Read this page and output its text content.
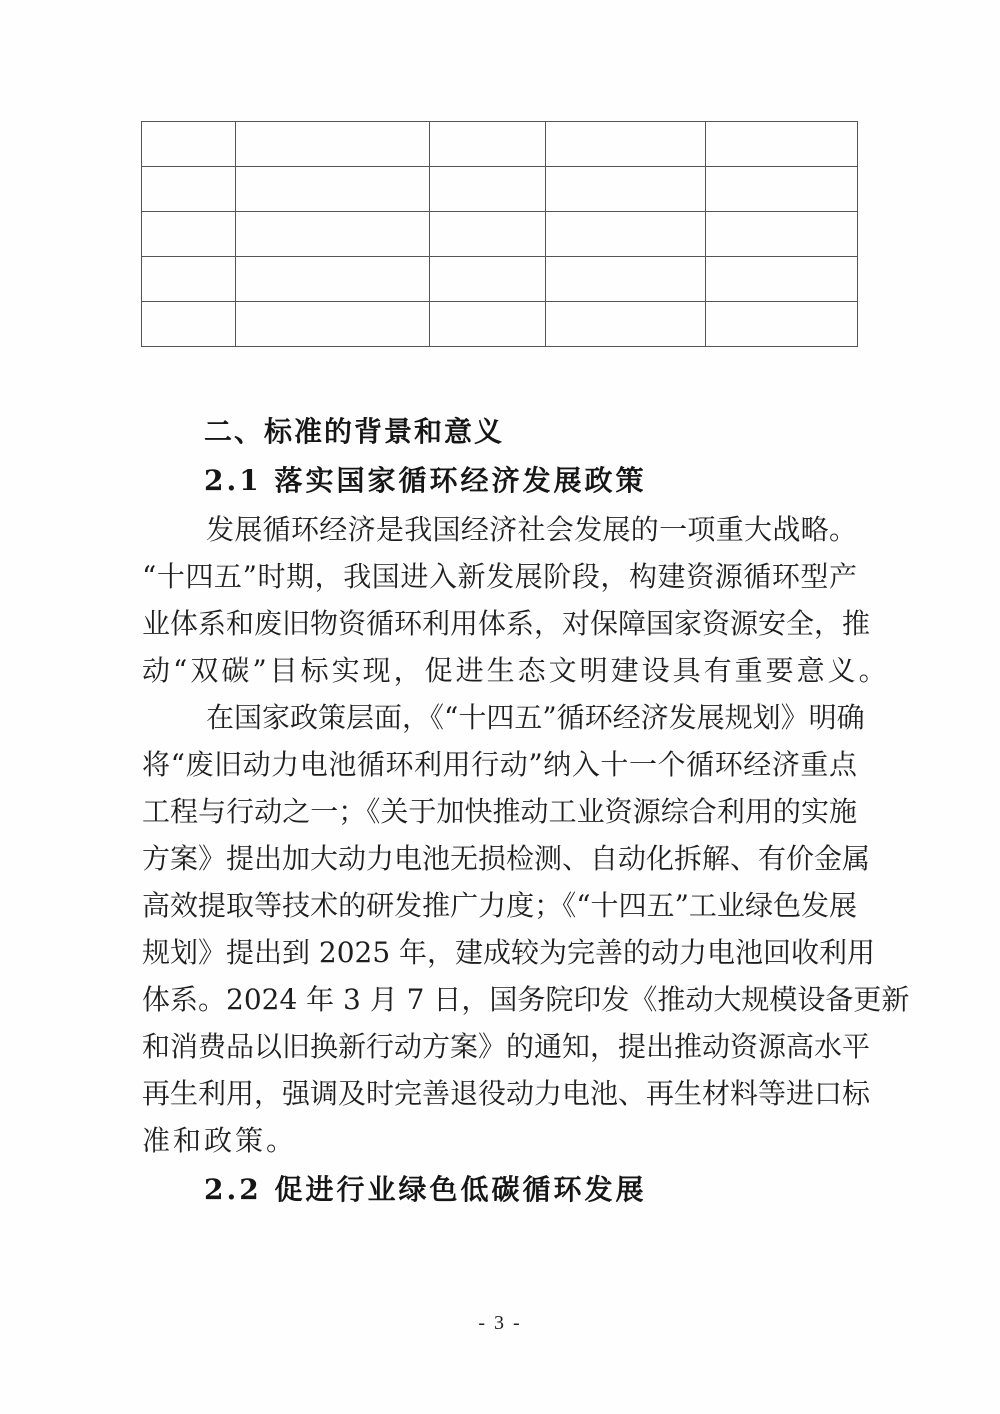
二、标准的背景和意义
2.1 落实国家循环经济发展政策
发展循环经济是我国经济社会发展的一项重大战略。
“十四五”时期，我国进入新发展阶段，构建资源循环型产
业体系和废旧物资循环利用体系，对保障国家资源安全，推
动“双碳”目标实现，促进生态文明建设具有重要意义。
在国家政策层面，《“十四五”循环经济发展规划》明确
将“废旧动力电池循环利用行动”纳入十一个循环经济重点
工程与行动之一；《关于加快推动工业资源综合利用的实施
方案》提出加大动力电池无损检测、自动化拆解、有价金属
高效提取等技术的研发推广力度；《“十四五”工业绿色发展
规划》提出到 2025 年，建成较为完善的动力电池回收利用
体系。2024 年 3 月 7 日，国务院印发《推动大规模设备更新
和消费品以旧换新行动方案》的通知，提出推动资源高水平
再生利用，强调及时完善退役动力电池、再生材料等进口标
准和政策。
2.2 促进行业绿色低碳循环发展
- 3 -
